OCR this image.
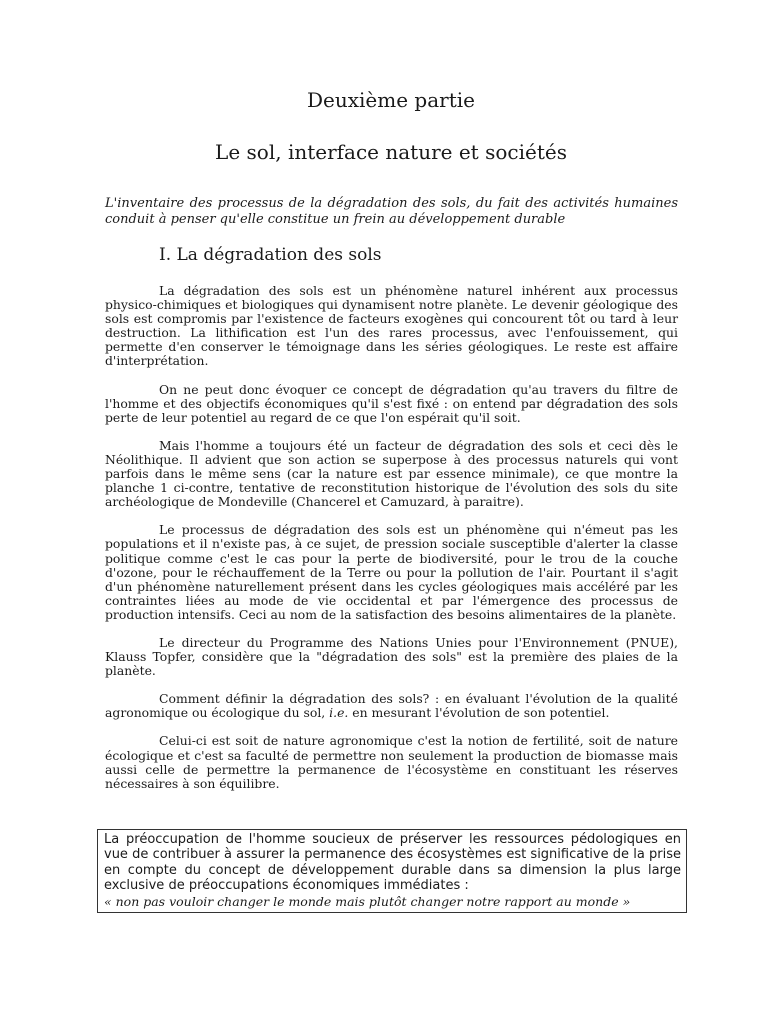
Deuxième partie
Le sol, interface nature et sociétés

L'inventaire des processus de la dégradation des sols, du fait des activités humaines conduit à penser qu'elle constitue un frein au développement durable

I. La dégradation des sols

La dégradation des sols est un phénomène naturel inhérent aux processus physico-chimiques et biologiques qui dynamisent notre planète. Le devenir géologique des sols est compromis par l'existence de facteurs exogènes qui concourent tôt ou tard à leur destruction. La lithification est l'un des rares processus, avec l'enfouissement, qui permette d'en conserver le témoignage dans les séries géologiques. Le reste est affaire d'interprétation.

On ne peut donc évoquer ce concept de dégradation qu'au travers du filtre de l'homme et des objectifs économiques qu'il s'est fixé : on entend par dégradation des sols perte de leur potentiel au regard de ce que l'on espérait qu'il soit.

Mais l'homme a toujours été un facteur de dégradation des sols et ceci dès le Néolithique. Il advient que son action se superpose à des processus naturels qui vont parfois dans le même sens (car la nature est par essence minimale), ce que montre la planche 1 ci-contre, tentative de reconstitution historique de l'évolution des sols du site archéologique de Mondeville (Chancerel et Camuzard, à paraitre).

Le processus de dégradation des sols est un phénomène qui n'émeut pas les populations et il n'existe pas, à ce sujet, de pression sociale susceptible d'alerter la classe politique comme c'est le cas pour la perte de biodiversité, pour le trou de la couche d'ozone, pour le réchauffement de la Terre ou pour la pollution de l'air. Pourtant il s'agit d'un phénomène naturellement présent dans les cycles géologiques mais accéléré par les contraintes liées au mode de vie occidental et par l'émergence des processus de production intensifs. Ceci au nom de la satisfaction des besoins alimentaires de la planète.

Le directeur du Programme des Nations Unies pour l'Environnement (PNUE), Klauss Topfer, considère que la "dégradation des sols" est la première des plaies de la planète.

Comment définir la dégradation des sols? : en évaluant l'évolution de la qualité agronomique ou écologique du sol, i.e. en mesurant l'évolution de son potentiel.

Celui-ci est soit de nature agronomique c'est la notion de fertilité, soit de nature écologique et c'est sa faculté de permettre non seulement la production de biomasse mais aussi celle de permettre la permanence de l'écosystème en constituant les réserves nécessaires à son équilibre.

La préoccupation de l'homme soucieux de préserver les ressources pédologiques en vue de contribuer à assurer la permanence des écosystèmes est significative de la prise en compte du concept de développement durable dans sa dimension la plus large exclusive de préoccupations économiques immédiates :

« non pas vouloir changer le monde mais plutôt changer notre rapport au monde »
